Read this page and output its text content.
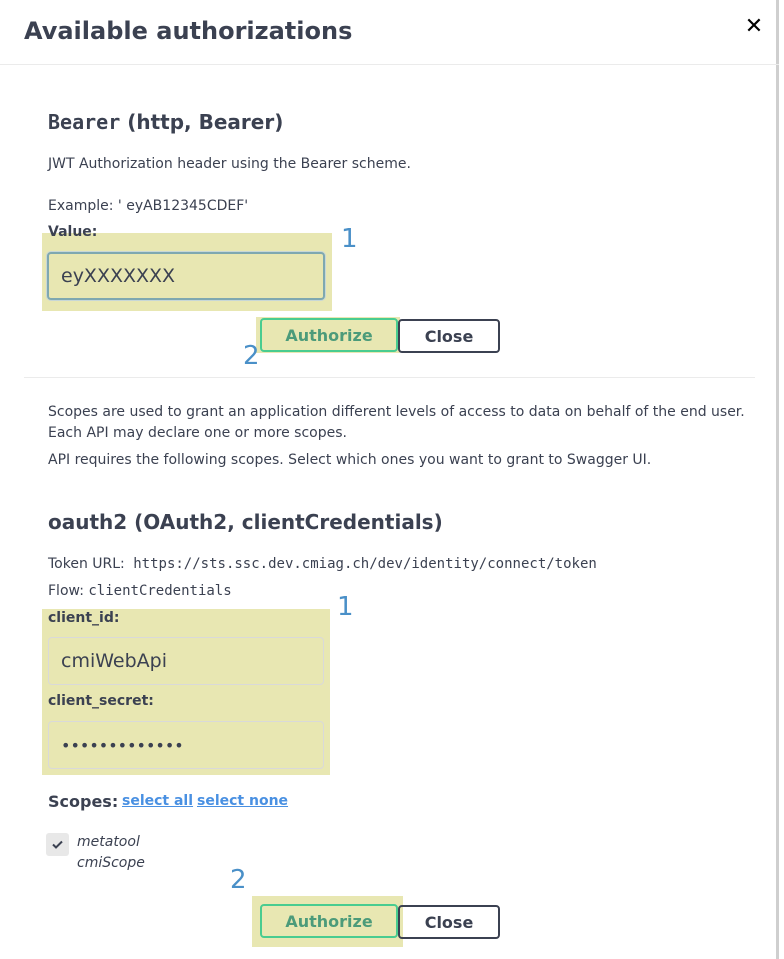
Available authorizations	✕
Bearer (http, Bearer)
JWT Authorization header using the Bearer scheme.
Example: ' eyAB12345CDEF'
Value:
eyXXXXXXX	1
Authorize	Close
2
Scopes are used to grant an application different levels of access to data on behalf of the end user.
Each API may declare one or more scopes.
API requires the following scopes. Select which ones you want to grant to Swagger UI.
oauth2 (OAuth2, clientCredentials)
Token URL: https://sts.ssc.dev.cmiag.ch/dev/identity/connect/token
Flow: clientCredentials
1
client_id:
cmiWebApi
client_secret:
•••••••••••••
Scopes: select all select none
metatool
cmiScope
2
Authorize	Close
